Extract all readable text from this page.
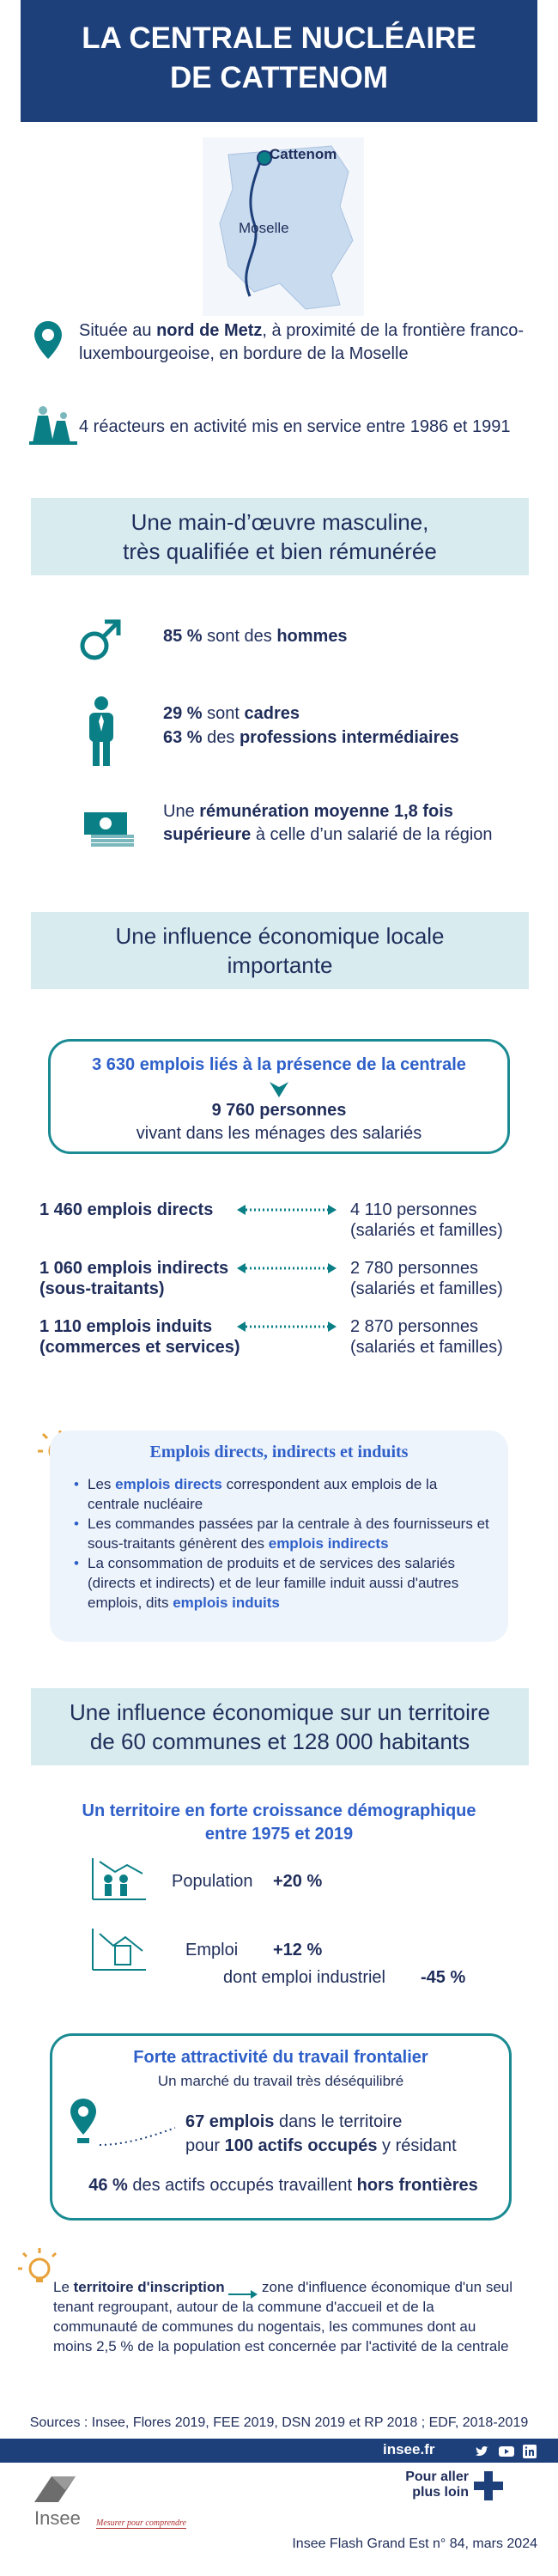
LA CENTRALE NUCLÉAIRE
DE CATTENOM
Cattenom
Moselle
Située au nord de Metz, à proximité de la frontière franco-luxembourgeoise, en bordure de la Moselle
4 réacteurs en activité mis en service entre 1986 et 1991
Une main-d’œuvre masculine,
très qualifiée et bien rémunérée
85 % sont des hommes
29 % sont cadres
63 % des professions intermédiaires
Une rémunération moyenne 1,8 fois
supérieure à celle d’un salarié de la région
Une influence économique locale
importante
3 630 emplois liés à la présence de la centrale
9 760 personnes
vivant dans les ménages des salariés
1 460 emplois directs	4 110 personnes
(salariés et familles)
1 060 emplois indirects
(sous-traitants)
2 780 personnes
(salariés et familles)
1 110 emplois induits
(commerces et services)
2 870 personnes
(salariés et familles)
Emplois directs, indirects et induits
• Les emplois directs correspondent aux emplois de la centrale nucléaire
• Les commandes passées par la centrale à des fournisseurs et sous-traitants génèrent des emplois indirects
• La consommation de produits et de services des salariés (directs et indirects) et de leur famille induit aussi d'autres emplois, dits emplois induits
Une influence économique sur un territoire
de 60 communes et 128 000 habitants
Un territoire en forte croissance démographique
entre 1975 et 2019
Population +20 %
Emploi +12 %
dont emploi industriel -45 %
Forte attractivité du travail frontalier
Un marché du travail très déséquilibré
67 emplois dans le territoire
pour 100 actifs occupés y résidant
46 % des actifs occupés travaillent hors frontières
Le territoire d'inscription  zone d'influence économique d'un seul tenant regroupant, autour de la commune d'accueil et de la communauté de communes du nogentais, les communes dont au moins 2,5 % de la population est concernée par l'activité de la centrale
Sources : Insee, Flores 2019, FEE 2019, DSN 2019 et RP 2018 ; EDF, 2018-2019
insee.fr
Insee Mesurer pour comprendre
Pour aller
plus loin
Insee Flash Grand Est n° 84, mars 2024
